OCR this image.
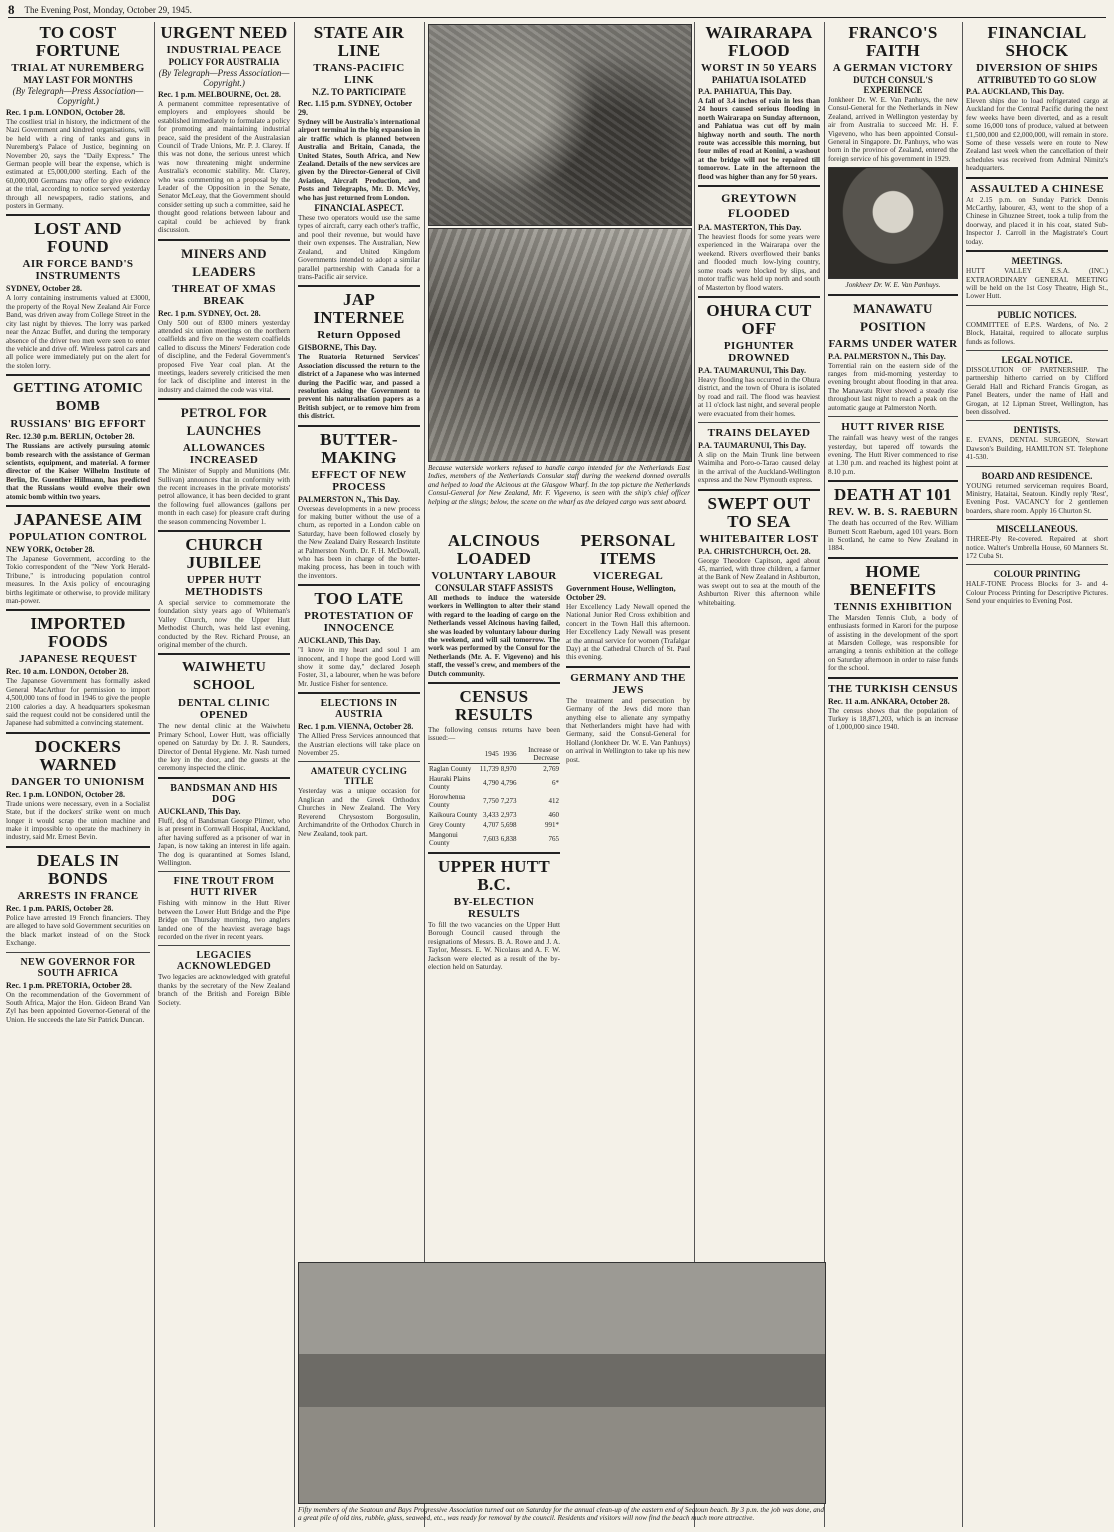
8 The Evening Post, Monday, October 29, 1945.
TO COST FORTUNE
TRIAL AT NUREMBERG
MAY LAST FOR MONTHS
(By Telegraph—Press Association—Copyright.)
Rec. 1 p.m. LONDON, October 28.
The costliest trial in history, the indictment of the Nazi Government and kindred organisations, will be held with a ring of tanks and guns in Nuremberg's Palace of Justice, beginning on November 20, says the "Daily Express." The German people will bear the expense, which is estimated at £5,000,000 sterling. Each of the 60,000,000 Germans may offer to give evidence at the trial, according to notice served yesterday through all newspapers, radio stations, and posters in Germany.
LOST AND FOUND
AIR FORCE BAND'S INSTRUMENTS
SYDNEY, October 28.
A lorry containing instruments valued at £3000, the property of the Royal New Zealand Air Force Band, was driven away from College Street in the city last night by thieves. The lorry was parked near the Anzac Buffet, and during the temporary absence of the driver two men were seen to enter the vehicle and drive off. Wireless patrol cars and all police were immediately put on the alert for the stolen lorry.
GETTING ATOMIC BOMB
RUSSIANS' BIG EFFORT
Rec. 12.30 p.m. BERLIN, October 28.
The Russians are actively pursuing atomic bomb research with the assistance of German scientists, equipment, and material. A former director of the Kaiser Wilhelm Institute of Berlin, Dr. Guenther Hillmann, has predicted that the Russians would evolve their own atomic bomb within two years.
JAPANESE AIM
POPULATION CONTROL
NEW YORK, October 28.
The Japanese Government, according to the Tokio correspondent of the "New York Herald-Tribune," is introducing population control measures. In the Axis policy of encouraging births legitimate or otherwise, to provide military man-power.
IMPORTED FOODS
JAPANESE REQUEST
Rec. 10 a.m. LONDON, October 28.
The Japanese Government has formally asked General MacArthur for permission to import 4,500,000 tons of food in 1946 to give the people 2100 calories a day. A headquarters spokesman said the request could not be considered until the Japanese had submitted a convincing statement.
DOCKERS WARNED
DANGER TO UNIONISM
Rec. 1 p.m. LONDON, October 28.
Trade unions were necessary, even in a Socialist State, but if the dockers' strike went on much longer it would scrap the union machine and make it impossible to operate the machinery in industry, said Mr. Ernest Bevin.
DEALS IN BONDS
ARRESTS IN FRANCE
Rec. 1 p.m. PARIS, October 28.
Police have arrested 19 French financiers. They are alleged to have sold Government securities on the black market instead of on the Stock Exchange.
NEW GOVERNOR FOR SOUTH AFRICA
Rec. 1 p.m. PRETORIA, October 28.
On the recommendation of the Government of South Africa, Major the Hon. Gideon Brand Van Zyl has been appointed Governor-General of the Union. He succeeds the late Sir Patrick Duncan.
URGENT NEED
INDUSTRIAL PEACE
POLICY FOR AUSTRALIA
(By Telegraph—Press Association—Copyright.)
Rec. 1 p.m. MELBOURNE, Oct. 28.
A permanent committee representative of employers and employees should be established immediately to formulate a policy for promoting and maintaining industrial peace, said the president of the Australasian Council of Trade Unions, Mr. P. J. Clarey. If this was not done, the serious unrest which was now threatening might undermine Australia's economic stability. Mr. Clarey, who was commenting on a proposal by the Leader of the Opposition in the Senate, Senator McLeay, that the Government should consider setting up such a committee, said he thought good relations between labour and capital could be achieved by frank discussion.
MINERS AND LEADERS
THREAT OF XMAS BREAK
Rec. 1 p.m. SYDNEY, Oct. 28.
Only 500 out of 8300 miners yesterday attended six union meetings on the northern coalfields and five on the western coalfields called to discuss the Miners' Federation code of discipline, and the Federal Government's proposed Five Year coal plan. At the meetings, leaders severely criticised the men for lack of discipline and interest in the industry and claimed the code was vital.
PETROL FOR LAUNCHES
ALLOWANCES INCREASED
The Minister of Supply and Munitions (Mr. Sullivan) announces that in conformity with the recent increases in the private motorists' petrol allowance, it has been decided to grant the following fuel allowances (gallons per month in each case) for pleasure craft during the season commencing November 1.
CHURCH JUBILEE
UPPER HUTT METHODISTS
A special service to commemorate the foundation sixty years ago of Whiteman's Valley Church, now the Upper Hutt Methodist Church, was held last evening, conducted by the Rev. Richard Prouse, an original member of the church.
WAIWHETU SCHOOL
DENTAL CLINIC OPENED
The new dental clinic at the Waiwhetu Primary School, Lower Hutt, was officially opened on Saturday by Dr. J. R. Saunders, Director of Dental Hygiene. Mr. Nash turned the key in the door, and the guests at the ceremony inspected the clinic.
BANDSMAN AND HIS DOG
AUCKLAND, This Day.
Fluff, dog of Bandsman George Plimer, who is at present in Cornwall Hospital, Auckland, after having suffered as a prisoner of war in Japan, is now taking an interest in life again. The dog is quarantined at Somes Island, Wellington.
FINE TROUT FROM HUTT RIVER
Fishing with minnow in the Hutt River between the Lower Hutt Bridge and the Pipe Bridge on Thursday morning, two anglers landed one of the heaviest average bags recorded on the river in recent years.
LEGACIES ACKNOWLEDGED
Two legacies are acknowledged with grateful thanks by the secretary of the New Zealand branch of the British and Foreign Bible Society.
STATE AIR LINE
TRANS-PACIFIC LINK
N.Z. TO PARTICIPATE
Rec. 1.15 p.m. SYDNEY, October 29.
Sydney will be Australia's international airport terminal in the big expansion in air traffic which is planned between Australia and Britain, Canada, the United States, South Africa, and New Zealand. Details of the new services are given by the Director-General of Civil Aviation, Aircraft Production, and Posts and Telegraphs, Mr. D. McVey, who has just returned from London.
FINANCIAL ASPECT.
These two operators would use the same types of aircraft, carry each other's traffic, and pool their revenue, but would have their own expenses. The Australian, New Zealand, and United Kingdom Governments intended to adopt a similar parallel partnership with Canada for a trans-Pacific air service.
JAP INTERNEE
Return Opposed
GISBORNE, This Day.
The Ruatoria Returned Services' Association discussed the return to the district of a Japanese who was interned during the Pacific war, and passed a resolution asking the Government to prevent his naturalisation papers as a British subject, or to remove him from this district.
BUTTER-MAKING
EFFECT OF NEW PROCESS
PALMERSTON N., This Day.
Overseas developments in a new process for making butter without the use of a churn, as reported in a London cable on Saturday, have been followed closely by the New Zealand Dairy Research Institute at Palmerston North. Dr. F. H. McDowall, who has been in charge of the butter-making process, has been in touch with the inventors.
TOO LATE
PROTESTATION OF INNOCENCE
AUCKLAND, This Day.
"I know in my heart and soul I am innocent, and I hope the good Lord will show it some day," declared Joseph Foster, 31, a labourer, when he was before Mr. Justice Fisher for sentence.
ELECTIONS IN AUSTRIA
Rec. 1 p.m. VIENNA, October 28.
The Allied Press Services announced that the Austrian elections will take place on November 25.
AMATEUR CYCLING TITLE
Yesterday was a unique occasion for Anglican and the Greek Orthodox Churches in New Zealand. The Very Reverend Chrysostom Borgosulin, Archimandrite of the Orthodox Church in New Zealand, took part.
Because waterside workers refused to handle cargo intended for the Netherlands East Indies, members of the Netherlands Consular staff during the weekend donned overalls and helped to load the Alcinous at the Glasgow Wharf. In the top picture the Netherlands Consul-General for New Zealand, Mr. F. Vigeveno, is seen with the ship's chief officer helping at the slings; below, the scene on the wharf as the delayed cargo was sent aboard.
ALCINOUS LOADED
VOLUNTARY LABOUR
CONSULAR STAFF ASSISTS
All methods to induce the waterside workers in Wellington to alter their stand with regard to the loading of cargo on the Netherlands vessel Alcinous having failed, she was loaded by voluntary labour during the weekend, and will sail tomorrow. The work was performed by the Consul for the Netherlands (Mr. A. F. Vigeveno) and his staff, the vessel's crew, and members of the Dutch community.
CENSUS RESULTS
The following census returns have been issued:—
	1945	1936	Increase or Decrease
Raglan County	11,739	8,970	2,769
Hauraki Plains County	4,790	4,796	6*
Horowhenua County	7,750	7,273	412
Kaikoura County	3,433	2,973	460
Grey County	4,707	5,698	991*
Mangonui County	7,603	6,838	765
UPPER HUTT B.C.
BY-ELECTION RESULTS
To fill the two vacancies on the Upper Hutt Borough Council caused through the resignations of Messrs. B. A. Rowe and J. A. Taylor, Messrs. E. W. Nicolaus and A. F. W. Jackson were elected as a result of the by-election held on Saturday.
PERSONAL ITEMS
VICEREGAL
Government House, Wellington, October 29.
Her Excellency Lady Newall opened the National Junior Red Cross exhibition and concert in the Town Hall this afternoon. Her Excellency Lady Newall was present at the annual service for women (Trafalgar Day) at the Cathedral Church of St. Paul this evening.
GERMANY AND THE JEWS
The treatment and persecution by Germany of the Jews did more than anything else to alienate any sympathy that Netherlanders might have had with Germany, said the Consul-General for Holland (Jonkheer Dr. W. E. Van Panhuys) on arrival in Wellington to take up his new post.
Fifty members of the Seatoun and Bays Progressive Association turned out on Saturday for the annual clean-up of the eastern end of Seatoun beach. By 3 p.m. the job was done, and a great pile of old tins, rubble, glass, seaweed, etc., was ready for removal by the council. Residents and visitors will now find the beach much more attractive.
WAIRARAPA FLOOD
WORST IN 50 YEARS
PAHIATUA ISOLATED
P.A. PAHIATUA, This Day.
A fall of 3.4 inches of rain in less than 24 hours caused serious flooding in north Wairarapa on Sunday afternoon, and Pahiatua was cut off by main highway north and south. The north route was accessible this morning, but four miles of road at Konini, a washout at the bridge will not be repaired till tomorrow. Late in the afternoon the flood was higher than any for 50 years.
GREYTOWN FLOODED
P.A. MASTERTON, This Day.
The heaviest floods for some years were experienced in the Wairarapa over the weekend. Rivers overflowed their banks and flooded much low-lying country, some roads were blocked by slips, and motor traffic was held up north and south of Masterton by flood waters.
OHURA CUT OFF
PIGHUNTER DROWNED
P.A. TAUMARUNUI, This Day.
Heavy flooding has occurred in the Ohura district, and the town of Ohura is isolated by road and rail. The flood was heaviest at 11 o'clock last night, and several people were evacuated from their homes.
TRAINS DELAYED
P.A. TAUMARUNUI, This Day.
A slip on the Main Trunk line between Waimiha and Poro-o-Tarao caused delay in the arrival of the Auckland-Wellington express and the New Plymouth express.
SWEPT OUT TO SEA
WHITEBAITER LOST
P.A. CHRISTCHURCH, Oct. 28.
George Theodore Capitson, aged about 45, married, with three children, a farmer at the Bank of New Zealand in Ashburton, was swept out to sea at the mouth of the Ashburton River this afternoon while whitebaiting.
FRANCO'S FAITH
A GERMAN VICTORY
DUTCH CONSUL'S EXPERIENCE
Jonkheer Dr. W. E. Van Panhuys, the new Consul-General for the Netherlands in New Zealand, arrived in Wellington yesterday by air from Australia to succeed Mr. H. F. Vigeveno, who has been appointed Consul-General in Singapore. Dr. Panhuys, who was born in the province of Zealand, entered the foreign service of his government in 1929.
Jonkheer Dr. W. E. Van Panhuys.
MANAWATU POSITION
FARMS UNDER WATER
P.A. PALMERSTON N., This Day.
Torrential rain on the eastern side of the ranges from mid-morning yesterday to evening brought about flooding in that area. The Manawatu River showed a steady rise throughout last night to reach a peak on the automatic gauge at Palmerston North.
HUTT RIVER RISE
The rainfall was heavy west of the ranges yesterday, but tapered off towards the evening. The Hutt River commenced to rise at 1.30 p.m. and reached its highest point at 8.10 p.m.
DEATH AT 101
REV. W. B. S. RAEBURN
The death has occurred of the Rev. William Burnett Scott Raeburn, aged 101 years. Born in Scotland, he came to New Zealand in 1884.
HOME BENEFITS
TENNIS EXHIBITION
The Marsden Tennis Club, a body of enthusiasts formed in Karori for the purpose of assisting in the development of the sport at Marsden College, was responsible for arranging a tennis exhibition at the college on Saturday afternoon in order to raise funds for the school.
THE TURKISH CENSUS
Rec. 11 a.m. ANKARA, October 28.
The census shows that the population of Turkey is 18,871,203, which is an increase of 1,000,000 since 1940.
FINANCIAL SHOCK
DIVERSION OF SHIPS
ATTRIBUTED TO GO SLOW
P.A. AUCKLAND, This Day.
Eleven ships due to load refrigerated cargo at Auckland for the Central Pacific during the next few weeks have been diverted, and as a result some 16,000 tons of produce, valued at between £1,500,000 and £2,000,000, will remain in store. Some of these vessels were en route to New Zealand last week when the cancellation of their schedules was received from Admiral Nimitz's headquarters.
ASSAULTED A CHINESE
At 2.15 p.m. on Sunday Patrick Dennis McCarthy, labourer, 43, went to the shop of a Chinese in Ghuznee Street, took a tulip from the doorway, and placed it in his coat, stated Sub-Inspector J. Carroll in the Magistrate's Court today.
MEETINGS.
HUTT VALLEY E.S.A. (INC.) EXTRAORDINARY GENERAL MEETING will be held on the 1st Cosy Theatre, High St., Lower Hutt.
PUBLIC NOTICES.
COMMITTEE of E.P.S. Wardens, of No. 2 Block, Hataitai, required to allocate surplus funds as follows.
LEGAL NOTICE.
DISSOLUTION OF PARTNERSHIP. The partnership hitherto carried on by Clifford Gerald Hall and Richard Francis Grogan, as Panel Beaters, under the name of Hall and Grogan, at 12 Lipman Street, Wellington, has been dissolved.
DENTISTS.
E. EVANS, DENTAL SURGEON, Stewart Dawson's Building, HAMILTON ST. Telephone 41-530.
BOARD AND RESIDENCE.
YOUNG returned serviceman requires Board, Ministry, Hataitai, Seatoun. Kindly reply 'Rest', Evening Post. VACANCY for 2 gentlemen boarders, share room. Apply 16 Churton St.
MISCELLANEOUS.
THREE-Ply Re-covered. Repaired at short notice. Walter's Umbrella House, 60 Manners St. 172 Cuba St.
COLOUR PRINTING
HALF-TONE Process Blocks for 3- and 4-Colour Process Printing for Descriptive Pictures. Send your enquiries to Evening Post.
